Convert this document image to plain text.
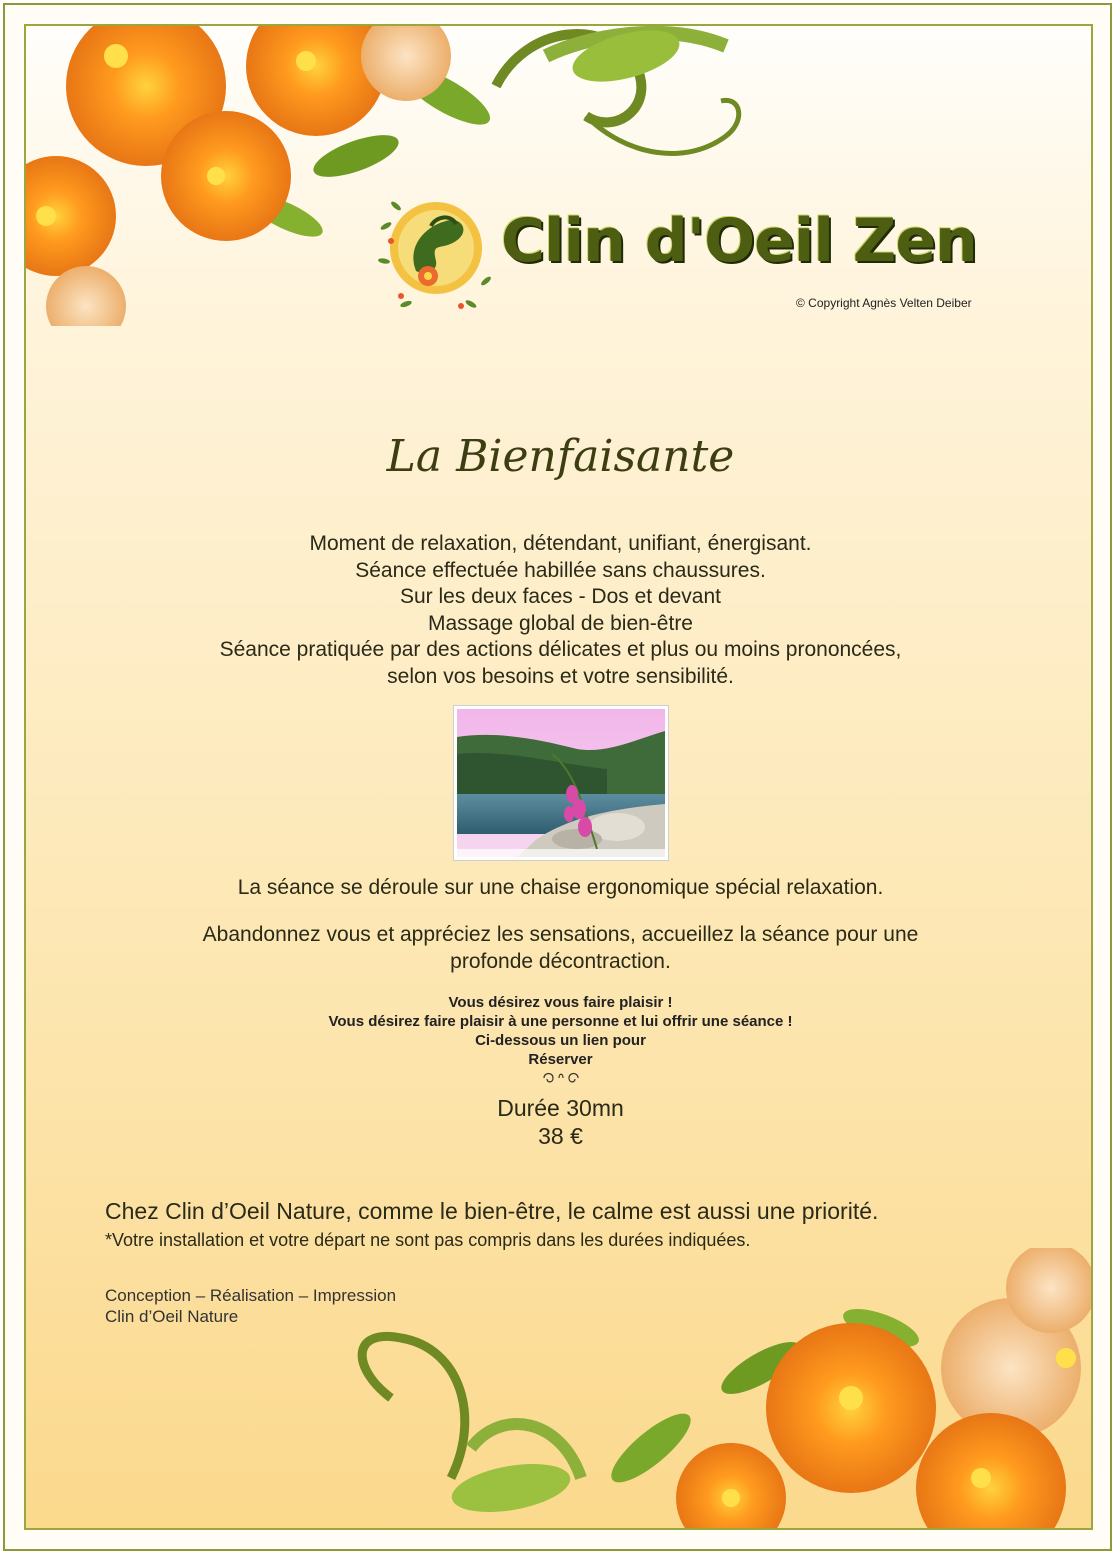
Clin d'Oeil Zen
© Copyright Agnès Velten Deiber
La Bienfaisante
Moment de relaxation, détendant, unifiant, énergisant.
Séance effectuée habillée sans chaussures.
Sur les deux faces - Dos et devant
Massage global de bien-être
Séance pratiquée par des actions délicates et plus ou moins prononcées,
selon vos besoins et votre sensibilité.
La séance se déroule sur une chaise ergonomique spécial relaxation.
Abandonnez vous et appréciez les sensations, accueillez la séance pour une
profonde décontraction.
Vous désirez vous faire plaisir !
Vous désirez faire plaisir à une personne et lui offrir une séance !
Ci-dessous un lien pour
Réserver
Durée 30mn
38 €
Chez Clin d’Oeil Nature, comme le bien-être, le calme est aussi une priorité.
*Votre installation et votre départ ne sont pas compris dans les durées indiquées.
Conception – Réalisation – Impression
Clin d’Oeil Nature
